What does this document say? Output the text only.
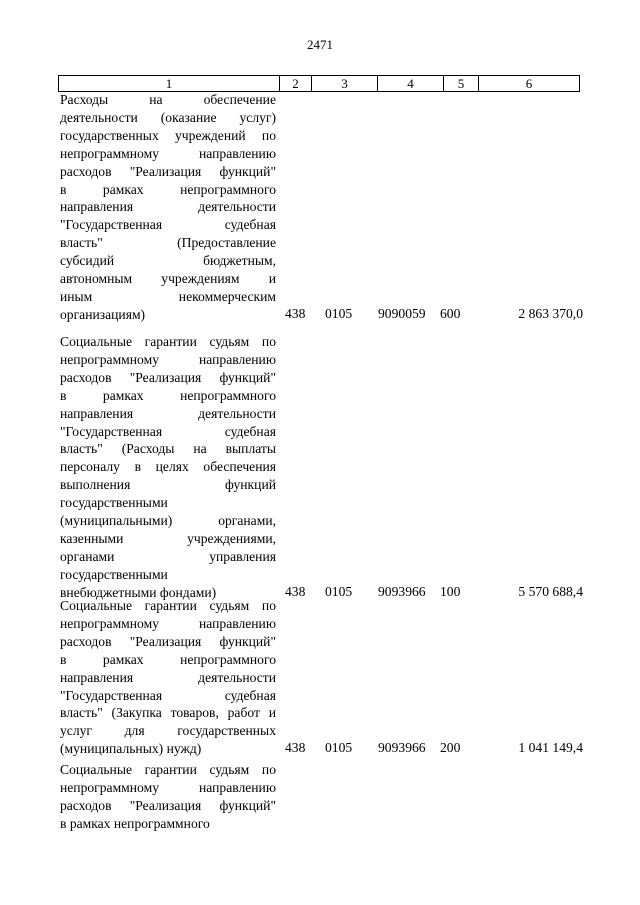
2471
1	2	3	4	5	6
Расходы на обеспечение
деятельности (оказание услуг)
государственных учреждений по
непрограммному направлению
расходов "Реализация функций"
в рамках непрограммного
направления деятельности
"Государственная судебная
власть" (Предоставление
субсидий бюджетным,
автономным учреждениям и
иным некоммерческим
организациям)	438 0105 9090059 600	2 863 370,0
Социальные гарантии судьям по
непрограммному направлению
расходов "Реализация функций"
в рамках непрограммного
направления деятельности
"Государственная судебная
власть" (Расходы на выплаты
персоналу в целях обеспечения
выполнения функций
государственными
(муниципальными) органами,
казенными учреждениями,
органами управления
государственными
внебюджетными фондами)	438 0105 9093966 100	5 570 688,4
Социальные гарантии судьям по
непрограммному направлению
расходов "Реализация функций"
в рамках непрограммного
направления деятельности
"Государственная судебная
власть" (Закупка товаров, работ и
услуг для государственных
(муниципальных) нужд)	438 0105 9093966 200	1 041 149,4
Социальные гарантии судьям по
непрограммному направлению
расходов "Реализация функций"
в рамках непрограммного
